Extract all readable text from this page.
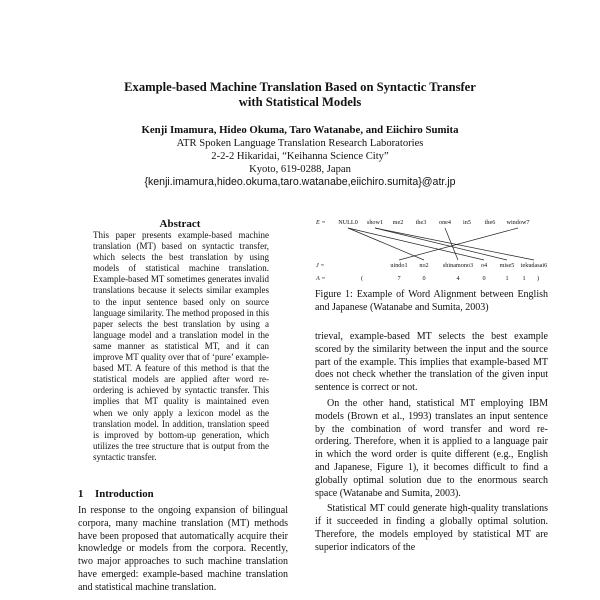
Example-based Machine Translation Based on Syntactic Transfer
with Statistical Models
Kenji Imamura, Hideo Okuma, Taro Watanabe, and Eiichiro Sumita
ATR Spoken Language Translation Research Laboratories
2-2-2 Hikaridai, “Keihanna Science City”
Kyoto, 619-0288, Japan
{kenji.imamura,hideo.okuma,taro.watanabe,eiichiro.sumita}@atr.jp
Abstract
This paper presents example-based machine translation (MT) based on syntactic transfer, which selects the best translation by using models of statistical machine translation. Example-based MT sometimes generates invalid translations because it selects similar examples to the input sentence based only on source language similarity. The method proposed in this paper selects the best translation by using a language model and a translation model in the same manner as statistical MT, and it can improve MT quality over that of ‘pure’ example-based MT. A feature of this method is that the statistical models are applied after word re-ordering is achieved by syntactic transfer. This implies that MT quality is maintained even when we only apply a lexicon model as the translation model. In addition, translation speed is improved by bottom-up generation, which utilizes the tree structure that is output from the syntactic transfer.
1 Introduction
In response to the ongoing expansion of bilingual corpora, many machine translation (MT) methods have been proposed that automatically acquire their knowledge or models from the corpora. Recently, two major approaches to such machine translation have emerged: example-based machine translation and statistical machine translation.
E = NULL0 show1 me2 the3 one4 in5 the6 window7
J =	uindo1 no2 shinamono3 o4 mise5 tekudasai6
A =	(	7	0	4	0	1 1 )
Figure 1: Example of Word Alignment between English and Japanese (Watanabe and Sumita, 2003)

trieval, example-based MT selects the best example scored by the similarity between the input and the source part of the example. This implies that example-based MT does not check whether the translation of the given input sentence is correct or not.

On the other hand, statistical MT employing IBM models (Brown et al., 1993) translates an input sentence by the combination of word transfer and word re-ordering. Therefore, when it is applied to a language pair in which the word order is quite different (e.g., English and Japanese, Figure 1), it becomes difficult to find a globally optimal solution due to the enormous search space (Watanabe and Sumita, 2003).

Statistical MT could generate high-quality translations if it succeeded in finding a globally optimal solution. Therefore, the models employed by statistical MT are superior indicators of the
